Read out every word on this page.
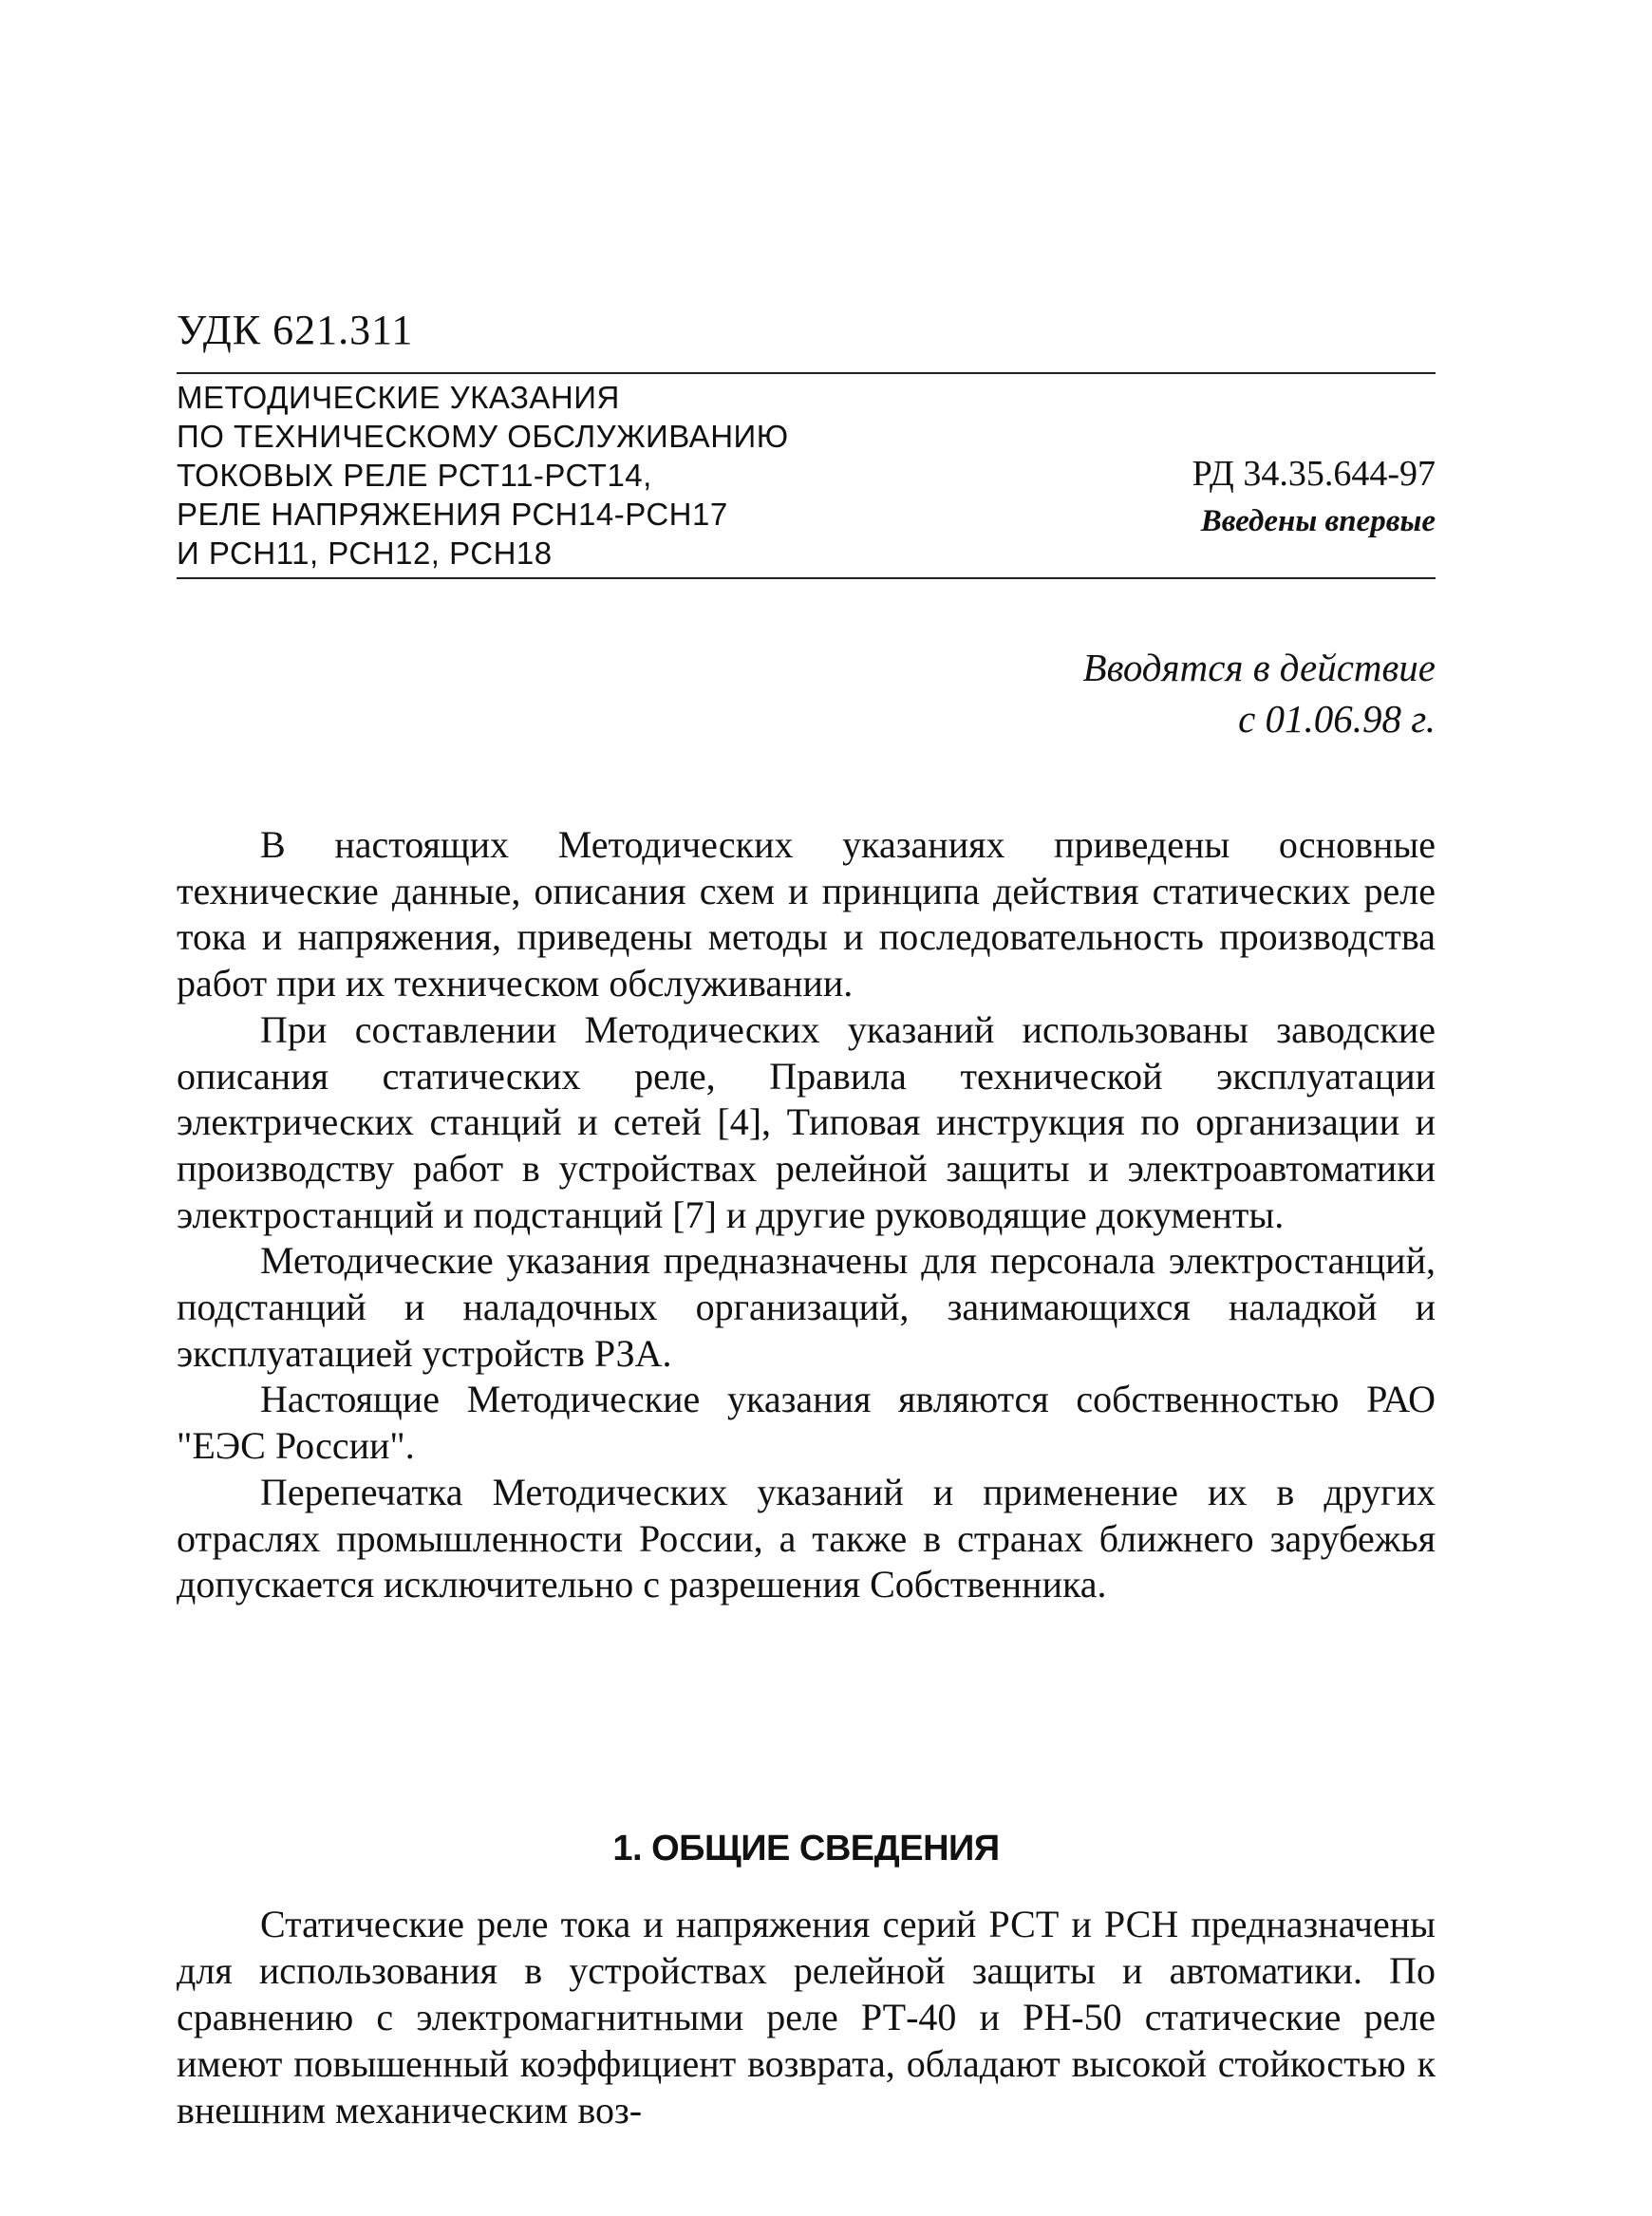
УДК 621.311
МЕТОДИЧЕСКИЕ УКАЗАНИЯ
ПО ТЕХНИЧЕСКОМУ ОБСЛУЖИВАНИЮ
ТОКОВЫХ РЕЛЕ РСТ11-РСТ14,
РЕЛЕ НАПРЯЖЕНИЯ РСН14-РСН17
И РСН11, РСН12, РСН18
РД 34.35.644-97
Введены впервые
Вводятся в действие
с 01.06.98 г.

В настоящих Методических указаниях приведены основные технические данные, описания схем и принципа действия статических реле тока и напряжения, приведены методы и последовательность производства работ при их техническом обслуживании.

При составлении Методических указаний использованы заводские описания статических реле, Правила технической эксплуатации электрических станций и сетей [4], Типовая инструкция по организации и производству работ в устройствах релейной защиты и электроавтоматики электростанций и подстанций [7] и другие руководящие документы.

Методические указания предназначены для персонала электростанций, подстанций и наладочных организаций, занимающихся наладкой и эксплуатацией устройств РЗА.

Настоящие Методические указания являются собственностью РАО "ЕЭС России".

Перепечатка Методических указаний и применение их в других отраслях промышленности России, а также в странах ближнего зарубежья допускается исключительно с разрешения Собственника.

1. ОБЩИЕ СВЕДЕНИЯ

Статические реле тока и напряжения серий РСТ и РСН предназначены для использования в устройствах релейной защиты и автоматики. По сравнению с электромагнитными реле РТ-40 и РН-50 статические реле имеют повышенный коэффициент возврата, обладают высокой стойкостью к внешним механическим воз-
